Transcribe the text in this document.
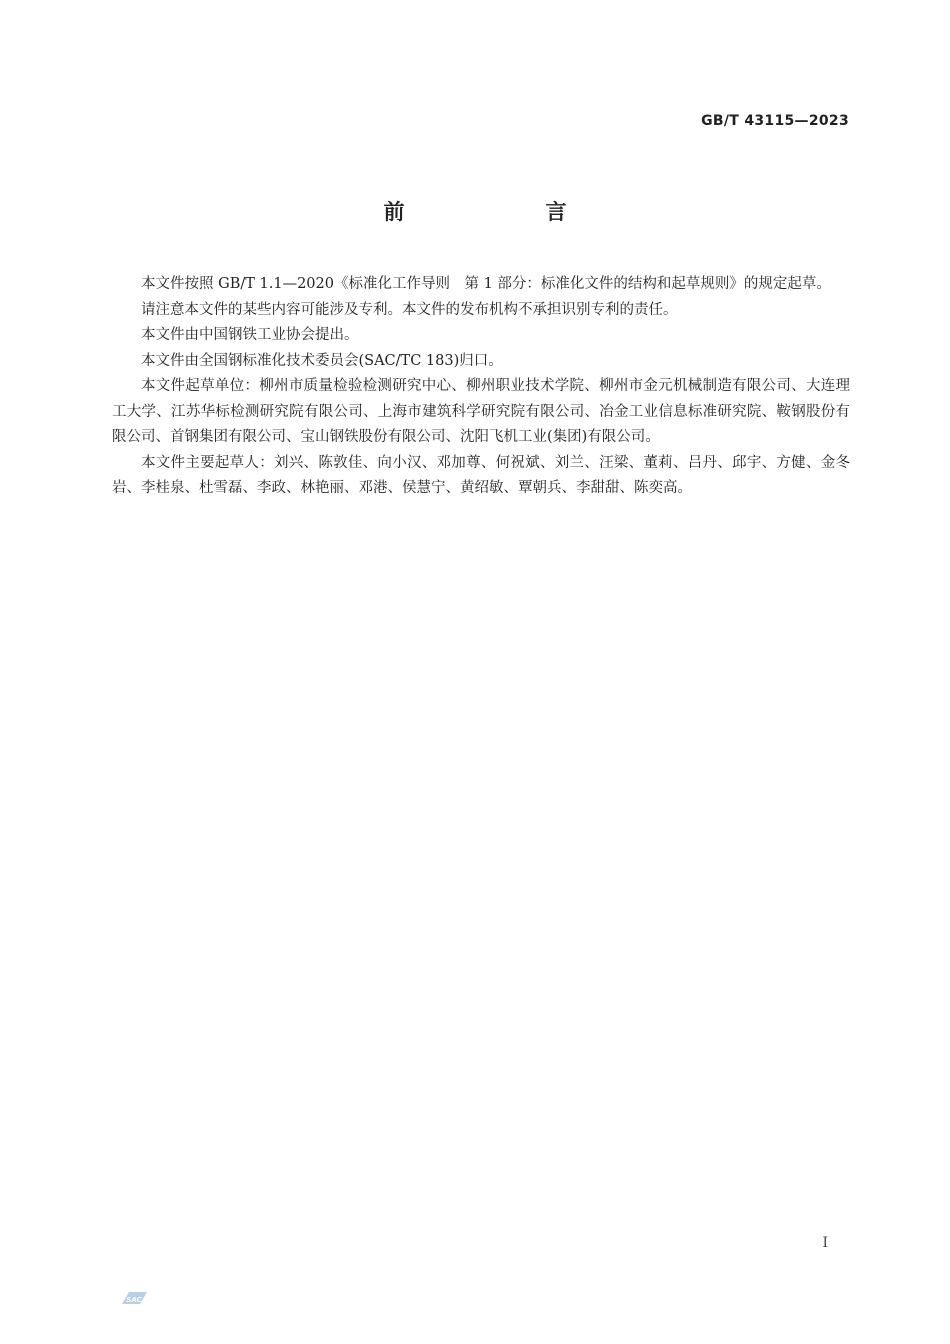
GB/T 43115—2023
前　言

本文件按照 GB/T 1.1—2020《标准化工作导则　第 1 部分：标准化文件的结构和起草规则》的规定起草。

请注意本文件的某些内容可能涉及专利。本文件的发布机构不承担识别专利的责任。

本文件由中国钢铁工业协会提出。

本文件由全国钢标准化技术委员会(SAC/TC 183)归口。

本文件起草单位：柳州市质量检验检测研究中心、柳州职业技术学院、柳州市金元机械制造有限公司、大连理工大学、江苏华标检测研究院有限公司、上海市建筑科学研究院有限公司、冶金工业信息标准研究院、鞍钢股份有限公司、首钢集团有限公司、宝山钢铁股份有限公司、沈阳飞机工业(集团)有限公司。

本文件主要起草人：刘兴、陈敦佳、向小汉、邓加尊、何祝斌、刘兰、汪梁、董莉、吕丹、邱宇、方健、金冬岩、李桂泉、杜雪磊、李政、林艳丽、邓港、侯慧宁、黄绍敏、覃朝兵、李甜甜、陈奕高。

I
SAC
